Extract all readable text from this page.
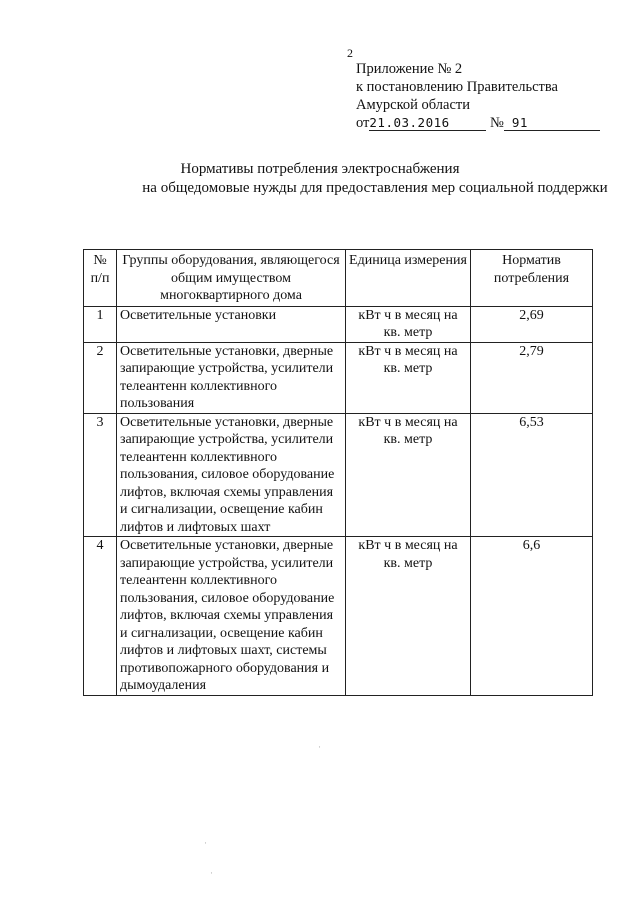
2
Приложение № 2
к постановлению Правительства
Амурской области
от21.03.2016	№ 91
Нормативы потребления электроснабжения
на общедомовые нужды для предоставления мер социальной поддержки
№ п/п	Группы оборудования, являющегося общим имуществом многоквартирного дома	Единица измерения	Норматив потребления
1	Осветительные установки	кВт ч в месяц на кв. метр	2,69
2	Осветительные установки, дверные запирающие устройства, усилители телеантенн коллективного пользования	кВт ч в месяц на кв. метр	2,79
3	Осветительные установки, дверные запирающие устройства, усилители телеантенн коллективного пользования, силовое оборудование лифтов, включая схемы управления и сигнализации, освещение кабин лифтов и лифтовых шахт	кВт ч в месяц на кв. метр	6,53
4	Осветительные установки, дверные запирающие устройства, усилители телеантенн коллективного пользования, силовое оборудование лифтов, включая схемы управления и сигнализации, освещение кабин лифтов и лифтовых шахт, системы противопожарного оборудования и дымоудаления	кВт ч в месяц на кв. метр	6,6
·
·
·
